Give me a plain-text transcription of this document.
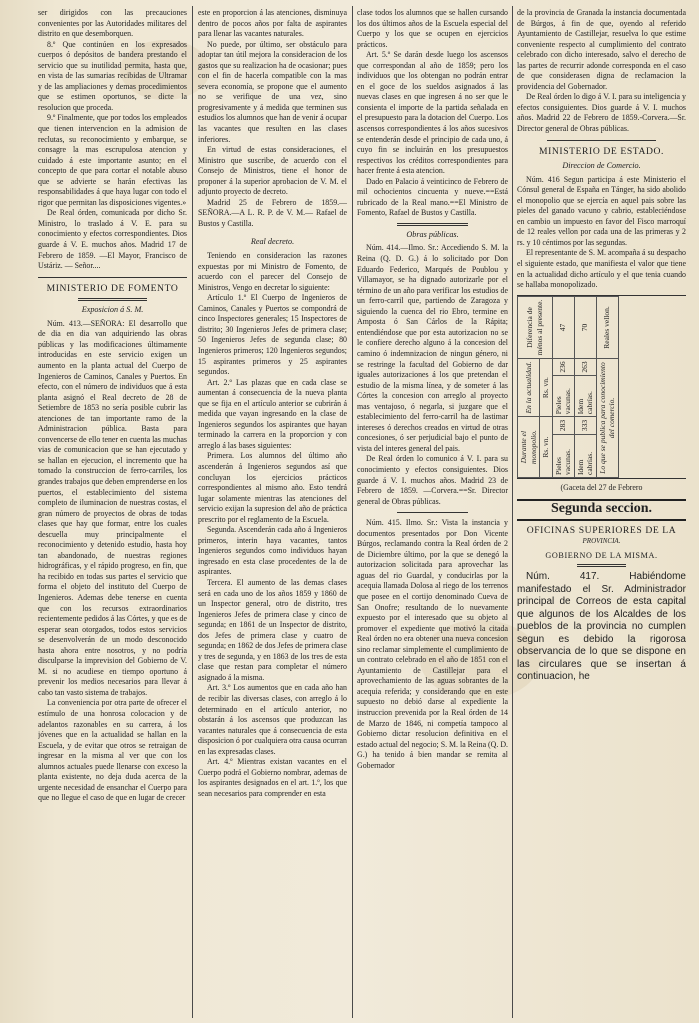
ser dirigidos con las precauciones convenientes por las Autoridades militares del distrito en que desemborquen.

8.º Que continúen en los expresados cuerpos ó depósitos de bandera prestando el servicio que su inutilidad permita, hasta que, en vista de las sumarias recibidas de Ultramar y de las ampliaciones y demas procedimientos que se estimen oportunos, se dicte la resolucion que proceda.

9.º Finalmente, que por todos los empleados que tienen intervencion en la admision de reclutas, su reconocimiento y embarque, se consagre la mas escrupulosa atencion y cuidado á este importante asunto; en el concepto de que para cortar el notable abuso que se advierte se harán efectivas las responsabilidades á que haya lugar con todo el rigor que permitan las disposiciones vigentes.»

De Real órden, comunicada por dicho Sr. Ministro, lo traslado á V. E. para su conocimiento y efectos correspondientes. Dios guarde á V. E. muchos años. Madrid 17 de Febrero de 1859. —El Mayor, Francisco de Ustáriz. — Señor....

MINISTERIO DE FOMENTO
Exposicion á S. M.

Núm. 413.—SEÑORA: El desarrollo que de dia en dia van adquiriendo las obras públicas y las modificaciones últimamente introducidas en este servicio exigen un aumento en la planta actual del Cuerpo de Ingenieros de Caminos, Canales y Puertos. En efecto, con el número de individuos que á esta planta asignó el Real decreto de 28 de Setiembre de 1853 no sería posible cubrir las atenciones de tan importante ramo de la Administracion pública. Basta para convencerse de ello tener en cuenta las muchas vias de comunicacion que se han ejecutado y se hallan en ejecucion, el incremento que ha tomado la construccion de ferro-carriles, los grandes trabajos que deben emprenderse en los puertos, el establecimiento del sistema completo de iluminacion de nuestras costas, el gran número de proyectos de obras de todas clases que hay que formar, entre los cuales descuella muy principalmente el reconocimiento y detenido estudio, hasta hoy tan abandonado, de nuestras regiones hidrográficas, y el rápido progreso, en fin, que ha recibido en todas sus partes el servicio que forma el objeto del instituto del Cuerpo de Ingenieros. Ademas debe tenerse en cuenta que con los recursos extraordinarios recientemente pedidos á las Córtes, y que es de esperar sean otorgados, todos estos servicios se desenvolverán de un modo desconocido hasta ahora entre nosotros, y no podría disculparse la imprevision del Gobierno de V. M. si no acudiese en tiempo oportuno á prevenir los medios necesarios para llevar á cabo tan vasto sistema de trabajos.

La conveniencia por otra parte de ofrecer el estímulo de una honrosa colocacion y de adelantos razonables en su carrera, á los jóvenes que en la actualidad se hallan en la Escuela, y de evitar que otros se retraigan de ingresar en la misma al ver que con los alumnos actuales puede llenarse con exceso la planta existente, no deja duda acerca de la urgente necesidad de ensanchar el Cuerpo para que no llegue el caso de que en lugar de crecer

este en proporcion á las atenciones, disminuya dentro de pocos años por falta de aspirantes para llenar las vacantes naturales.

No puede, por último, ser obstáculo para adoptar tan útil mejora la consideracion de los gastos que su realizacion ha de ocasionar; pues con el fin de hacerla compatible con la mas severa economía, se propone que el aumento no se verifique de una vez, sino progresivamente y á medida que terminen sus estudios los alumnos que han de venir á ocupar las vacantes que resulten en las clases inferiores.

En virtud de estas consideraciones, el Ministro que suscribe, de acuerdo con el Consejo de Ministros, tiene el honor de proponer á la superior aprobacion de V. M. el adjunto proyecto de decreto.

Madrid 25 de Febrero de 1859.— SEÑORA.—A L. R. P. de V. M.— Rafael de Bustos y Castilla.

Real decreto.

Teniendo en consideracion las razones expuestas por mi Ministro de Fomento, de acuerdo con el parecer del Consejo de Ministros, Vengo en decretar lo siguiente:

Artículo 1.º El Cuerpo de Ingenieros de Caminos, Canales y Puertos se compondrá de cinco Inspectores generales; 15 Inspectores de distrito; 30 Ingenieros Jefes de primera clase; 50 Ingenieros Jefes de segunda clase; 80 Ingenieros primeros; 120 Ingenieros segundos; 15 aspirantes primeros y 25 aspirantes segundos.

Art. 2.º Las plazas que en cada clase se aumentan á consecuencia de la nueva planta que se fija en el artículo anterior se cubrirán á medida que vayan ingresando en la clase de Ingenieros segundos los aspirantes que hayan terminado la carrera en la proporcion y con arreglo á las bases siguientes:

Primera. Los alumnos del último año ascenderán á Ingenieros segundos así que concluyan los ejercicios prácticos correspondientes al mismo año. Esto tendrá lugar solamente mientras las atenciones del servicio exijan la supresion del año de práctica prescrito por el reglamento de la Escuela.

Segunda. Ascenderán cada año á Ingenieros primeros, interin haya vacantes, tantos Ingenieros segundos como individuos hayan ingresado en esta clase procedentes de la de aspirantes.

Tercera. El aumento de las demas clases será en cada uno de los años 1859 y 1860 de un Inspector general, otro de distrito, tres Ingenieros Jefes de primera clase y cinco de segunda; en 1861 de un Inspector de distrito, dos Jefes de primera clase y cuatro de segunda; en 1862 de dos Jefes de primera clase y tres de segunda, y en 1863 de los tres de esta clase que restan para completar el número asignado á la misma.

Art. 3.º Los aumentos que en cada año han de recibir las diversas clases, con arreglo á lo determinado en el artículo anterior, no obstarán á los ascensos que produzcan las vacantes naturales que á consecuencia de esta disposicion ó por cualquiera otra causa ocurran en las expresadas clases.

Art. 4.º Mientras existan vacantes en el Cuerpo podrá el Gobierno nombrar, ademas de los aspirantes designados en el art. 1.º, los que sean necesarios para comprender en esta

clase todos los alumnos que se hallen cursando los dos últimos años de la Escuela especial del Cuerpo y los que se ocupen en ejercicios prácticos.

Art. 5.º Se darán desde luego los ascensos que correspondan al año de 1859; pero los individuos que los obtengan no podrán entrar en el goce de los sueldos asignados á las nuevas clases en que ingresen á no ser que le consienta el importe de la partida señalada en el presupuesto para la dotacion del Cuerpo. Los ascensos correspondientes á los años sucesivos se entenderán desde el principio de cada uno, á cuyo fin se incluirán en los presupuestos respectivos los créditos correspondientes para hacer frente á esta atencion.

Dado en Palacio á veinticinco de Febrero de mil ochocientos cincuenta y nueve.==Está rubricado de la Real mano.==El Ministro de Fomento, Rafael de Bustos y Castilla.

Obras públicas.

Núm. 414.—Ilmo. Sr.: Accediendo S. M. la Reina (Q. D. G.) á lo solicitado por Don Eduardo Federico, Marqués de Poublou y Villamayor, se ha dignado autorizarle por el término de un año para verificar los estudios de un ferro-carril que, partiendo de Zaragoza y siguiendo la cuenca del rio Ebro, termine en Amposta ó San Cárlos de la Rápita; entendiéndose que por esta autorizacion no se le confiere derecho alguno á la concesion del camino ó indemnizacion de ningun género, ni se restringe la facultad del Gobierno de dar iguales autorizaciones á los que pretendan el estudio de la misma línea, y de someter á las Córtes la concesion con arreglo al proyecto mas ventajoso, ó negarla, si juzgare que el establecimiento del ferro-carril ha de lastimar intereses ó derechos creados en virtud de otras concesiones, ó ser perjudicial bajo el punto de vista del interes general del pais.

De Real órden lo comunico á V. I. para su conocimiento y efectos consiguientes. Dios guarde á V. I. muchos años. Madrid 23 de Febrero de 1859. —Corvera.==Sr. Director general de Obras públicas.

Núm. 415. Ilmo. Sr.: Vista la instancia y documentos presentados por Don Vicente Búrgos, reclamando contra la Real órden de 2 de Diciembre último, por la que se denegó la autorizacion solicitada para aprovechar las aguas del rio Guardal, y conducirlas por la acequia llamada Dolosa al riego de los terrenos que posee en el cortijo denominado Cueva de San Onofre; resultando de lo nuevamente expuesto por el interesado que su objeto al promover el expediente que motivó la citada Real órden no era obtener una nueva concesion sino reclamar simplemente el cumplimiento de un contrato celebrado en el año de 1851 con el Ayuntamiento de Castillejar para el aprovechamiento de las aguas sobrantes de la acequia referida; y considerando que en este supuesto no debió darse al expediente la instruccion prevenida por la Real órden de 14 de Marzo de 1846, ni competía tampoco al Gobierno dictar resolucion definitiva en el estado actual del negocio; S. M. la Reina (Q. D. G.) ha tenido á bien mandar se remita al Gobernador

de la provincia de Granada la instancia documentada de Búrgos, á fin de que, oyendo al referido Ayuntamiento de Castillejar, resuelva lo que estime conveniente respecto al cumplimiento del contrato celebrado con dicho interesado, salvo el derecho de las partes de recurrir adonde corresponda en el caso de que considerasen digna de reclamacion la providencia del Gobernador.

De Real órden lo digo á V. I. para su inteligencia y efectos consiguientes. Dios guarde á V. I. muchos años. Madrid 22 de Febrero de 1859.-Corvera.—Sr. Director general de Obras públicas.

MINISTERIO DE ESTADO.
Direccion de Comercio.

Núm. 416 Segun participa á este Ministerio el Cónsul general de España en Tánger, ha sido abolido el monopolio que se ejercía en aquel pais sobre las pieles del ganado vacuno y cabrio, estableciéndose en cambio un impuesto en favor del Fisco marroquí de 12 reales vellon por cada una de las primeras y 2 rs. y 10 céntimos por las segundas.

El representante de S. M. acompaña á su despacho el siguiente estado, que manifiesta el valor que tiene en la actualidad dicho artículo y el que tenia cuando se hallaba monopolizado.

Durante el monopolio.		En la actualidad.		Diferencia de ménos al presente.
Rs. vn.		Rs. vn.		
Pieles vacunas.	283	Pieles vacunas.	236	47
Idem cabrías.	333	Idem cabrías.	263	70
Lo que se publica para conocimiento del comercio.				Reales vellon.

(Gaceta del 27 de Febrero

Segunda seccion.
OFICINAS SUPERIORES DE LA
PROVINCIA.
GOBIERNO DE LA MISMA.

Núm. 417. Habiéndome manifestado el Sr. Administrador principal de Correos de esta capital que algunos de los Alcaldes de los pueblos de la provincia no cumplen segun es debido la rigorosa observancia de lo que se dispone en las circulares que se insertan á continuacion, he
